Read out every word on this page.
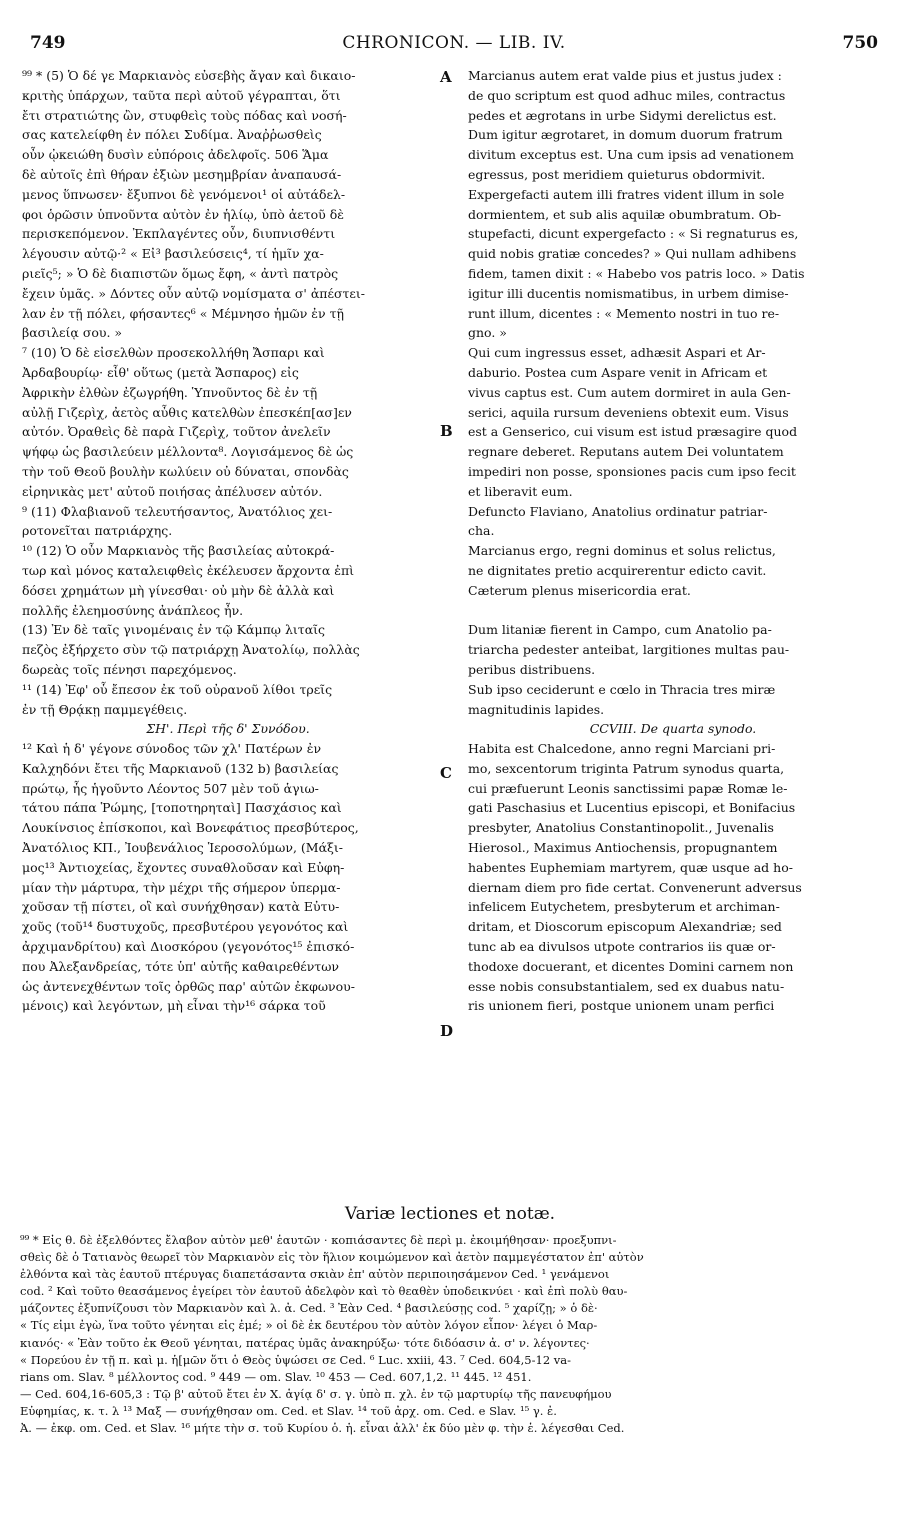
749	CHRONICON. — LIB. IV.	750

⁹⁹ * (5) Ὁ δέ γε Μαρκιανὸς εὐσεβὴς ἄγαν καὶ δικαιο-

κριτὴς ὑπάρχων, ταῦτα περὶ αὐτοῦ γέγραπται, ὅτι

ἔτι στρατιώτης ὢν, στυφθεὶς τοὺς πόδας καὶ νοσή-

σας κατελείφθη ἐν πόλει Συδίμα. Ἀναῤῥωσθεὶς

οὖν ᾠκειώθη δυσὶν εὐπόροις ἀδελφοῖς. 506 Ἅμα

δὲ αὐτοῖς ἐπὶ θήραν ἐξιὼν μεσημβρίαν ἀναπαυσά-

μενος ὕπνωσεν· ἔξυπνοι δὲ γενόμενοι¹ οἱ αὐτάδελ-

φοι ὁρῶσιν ὑπνοῦντα αὐτὸν ἐν ἡλίῳ, ὑπὸ ἀετοῦ δὲ

περισκεπόμενον. Ἐκπλαγέντες οὖν, διυπνισθέντι

λέγουσιν αὐτῷ·² « Εἰ³ βασιλεύσεις⁴, τί ἡμῖν χα-

ριεῖς⁵; » Ὁ δὲ διαπιστῶν ὅμως ἔφη, « ἀντὶ πατρὸς

ἔχειν ὑμᾶς. » Δόντες οὖν αὐτῷ νομίσματα σ' ἀπέστει-

λαν ἐν τῇ πόλει, φήσαντες⁶ « Μέμνησο ἡμῶν ἐν τῇ

βασιλείᾳ σου. »

⁷ (10) Ὁ δὲ εἰσελθὼν προσεκολλήθη Ἄσπαρι καὶ

Ἀρδαβουρίῳ· εἶθ' οὕτως (μετὰ Ἄσπαρος) εἰς

Ἀφρικὴν ἐλθὼν ἐζωγρήθη. Ὑπνοῦντος δὲ ἐν τῇ

αὐλῇ Γιζερὶχ, ἀετὸς αὖθις κατελθὼν ἐπεσκέπ[ασ]εν

αὐτόν. Ὀραθεὶς δὲ παρὰ Γιζερὶχ, τοῦτον ἀνελεῖν

ψήφῳ ὡς βασιλεύειν μέλλοντα⁸. Λογισάμενος δὲ ὡς

τὴν τοῦ Θεοῦ βουλὴν κωλύειν οὐ δύναται, σπονδὰς

εἰρηνικὰς μετ' αὐτοῦ ποιήσας ἀπέλυσεν αὐτόν.

⁹ (11) Φλαβιανοῦ τελευτήσαντος, Ἀνατόλιος χει-

ροτονεῖται πατριάρχης.

¹⁰ (12) Ὁ οὖν Μαρκιανὸς τῆς βασιλείας αὐτοκρά-

τωρ καὶ μόνος καταλειφθεὶς ἐκέλευσεν ἄρχοντα ἐπὶ

δόσει χρημάτων μὴ γίνεσθαι· οὐ μὴν δὲ ἀλλὰ καὶ

πολλῆς ἐλεημοσύνης ἀνάπλεος ἦν.

(13) Ἐν δὲ ταῖς γινομέναις ἐν τῷ Κάμπῳ λιταῖς

πεζὸς ἐξήρχετο σὺν τῷ πατριάρχῃ Ἀνατολίῳ, πολλὰς

δωρεὰς τοῖς πένησι παρεχόμενος.

¹¹ (14) Ἐφ' οὗ ἔπεσον ἐκ τοῦ οὐρανοῦ λίθοι τρεῖς

ἐν τῇ Θρᾴκῃ παμμεγέθεις.

ΣΗ'. Περὶ τῆς δ' Συνόδου.

¹² Καὶ ἡ δ' γέγονε σύνοδος τῶν χλ' Πατέρων ἐν

Καλχηδόνι ἔτει τῆς Μαρκιανοῦ (132 b) βασιλείας

πρώτῳ, ἧς ἡγοῦντο Λέοντος 507 μὲν τοῦ ἁγιω-

τάτου πάπα Ῥώμης, [τοποτηρηταὶ] Πασχάσιος καὶ

Λουκίνσιος ἐπίσκοποι, καὶ Βονεφάτιος πρεσβύτερος,

Ἀνατόλιος ΚΠ., Ἰουβενάλιος Ἱεροσολύμων, (Μάξι-

μος¹³ Ἀντιοχείας, ἔχοντες συναθλοῦσαν καὶ Εὐφη-

μίαν τὴν μάρτυρα, τὴν μέχρι τῆς σήμερον ὑπερμα-

χοῦσαν τῇ πίστει, οἳ καὶ συνήχθησαν) κατὰ Εὐτυ-

χοῦς (τοῦ¹⁴ δυστυχοῦς, πρεσβυτέρου γεγονότος καὶ

ἀρχιμανδρίτου) καὶ Διοσκόρου (γεγονότος¹⁵ ἐπισκό-

που Ἀλεξανδρείας, τότε ὑπ' αὐτῆς καθαιρεθέντων

ὡς ἀντενεχθέντων τοῖς ὀρθῶς παρ' αὐτῶν ἐκφωνου-

μένοις) καὶ λεγόντων, μὴ εἶναι τὴν¹⁶ σάρκα τοῦ

A
B
C
D

Marcianus autem erat valde pius et justus judex :

de quo scriptum est quod adhuc miles, contractus

pedes et ægrotans in urbe Sidymi derelictus est.

Dum igitur ægrotaret, in domum duorum fratrum

divitum exceptus est. Una cum ipsis ad venationem

egressus, post meridiem quieturus obdormivit.

Expergefacti autem illi fratres vident illum in sole

dormientem, et sub alis aquilæ obumbratum. Ob-

stupefacti, dicunt expergefacto : « Si regnaturus es,

quid nobis gratiæ concedes? » Qui nullam adhibens

fidem, tamen dixit : « Habebo vos patris loco. » Datis

igitur illi ducentis nomismatibus, in urbem dimise-

runt illum, dicentes : « Memento nostri in tuo re-

gno. »

Qui cum ingressus esset, adhæsit Aspari et Ar-

daburio. Postea cum Aspare venit in Africam et

vivus captus est. Cum autem dormiret in aula Gen-

serici, aquila rursum deveniens obtexit eum. Visus

est a Genserico, cui visum est istud præsagire quod

regnare deberet. Reputans autem Dei voluntatem

impediri non posse, sponsiones pacis cum ipso fecit

et liberavit eum.

Defuncto Flaviano, Anatolius ordinatur patriar-

cha.

Marcianus ergo, regni dominus et solus relictus,

ne dignitates pretio acquirerentur edicto cavit.

Cæterum plenus misericordia erat.

Dum litaniæ fierent in Campo, cum Anatolio pa-

triarcha pedester anteibat, largitiones multas pau-

peribus distribuens.

Sub ipso ceciderunt e cœlo in Thracia tres miræ

magnitudinis lapides.

CCVIII. De quarta synodo.

Habita est Chalcedone, anno regni Marciani pri-

mo, sexcentorum triginta Patrum synodus quarta,

cui præfuerunt Leonis sanctissimi papæ Romæ le-

gati Paschasius et Lucentius episcopi, et Bonifacius

presbyter, Anatolius Constantinopolit., Juvenalis

Hierosol., Maximus Antiochensis, propugnantem

habentes Euphemiam martyrem, quæ usque ad ho-

diernam diem pro fide certat. Convenerunt adversus

infelicem Eutychetem, presbyterum et archiman-

dritam, et Dioscorum episcopum Alexandriæ; sed

tunc ab ea divulsos utpote contrarios iis quæ or-

thodoxe docuerant, et dicentes Domini carnem non

esse nobis consubstantialem, sed ex duabus natu-

ris unionem fieri, postque unionem unam perfici

Variæ lectiones et notæ.

⁹⁹ * Εἰς θ. δὲ ἐξελθόντες ἔλαβον αὐτὸν μεθ' ἑαυτῶν · κοπιάσαντες δὲ περὶ μ. ἐκοιμήθησαν· προεξυπνι-

σθεὶς δὲ ὁ Τατιανὸς θεωρεῖ τὸν Μαρκιανὸν εἰς τὸν ἥλιον κοιμώμενον καὶ ἀετὸν παμμεγέστατον ἐπ' αὐτὸν

ἐλθόντα καὶ τὰς ἑαυτοῦ πτέρυγας διαπετάσαντα σκιὰν ἐπ' αὐτὸν περιποιησάμενον Ced. ¹ γενάμενοι

cod. ² Καὶ τοῦτο θεασάμενος ἐγείρει τὸν ἑαυτοῦ ἀδελφὸν καὶ τὸ θεαθὲν ὑποδεικνύει · καὶ ἐπὶ πολὺ θαυ-

μάζοντες ἐξυπνίζουσι τὸν Μαρκιανὸν καὶ λ. ἀ. Ced. ³ Ἐὰν Ced. ⁴ βασιλεύσῃς cod. ⁵ χαρίζῃ; » ὁ δὲ·

« Τίς εἰμι ἐγὼ, ἵνα τοῦτο γένηται εἰς ἐμέ; » οἱ δὲ ἐκ δευτέρου τὸν αὐτὸν λόγον εἶπον· λέγει ὁ Μαρ-

κιανός· « Ἐὰν τοῦτο ἐκ Θεοῦ γένηται, πατέρας ὑμᾶς ἀνακηρύξω· τότε διδόασιν ἀ. σ' ν. λέγοντες·

« Πορεύου ἐν τῇ π. καὶ μ. ἡ[μῶν ὅτι ὁ Θεὸς ὑψώσει σε Ced. ⁶ Luc. xxiii, 43. ⁷ Ced. 604,5-12 va-

rians om. Slav. ⁸ μέλλοντος cod. ⁹ 449 — om. Slav. ¹⁰ 453 — Ced. 607,1,2. ¹¹ 445. ¹² 451.

— Ced. 604,16-605,3 : Τῷ β' αὐτοῦ ἔτει ἐν Χ. ἁγίᾳ δ' σ. γ. ὑπὸ π. χλ. ἐν τῷ μαρτυρίῳ τῆς πανευφήμου

Εὐφημίας, κ. τ. λ ¹³ Μαξ — συνήχθησαν om. Ced. et Slav. ¹⁴ τοῦ ἀρχ. om. Ced. e Slav. ¹⁵ γ. ἐ.

Ἀ. — ἐκφ. om. Ced. et Slav. ¹⁶ μήτε τὴν σ. τοῦ Κυρίου ὁ. ἡ. εἶναι ἀλλ' ἐκ δύο μὲν φ. τὴν ἑ. λέγεσθαι Ced.
